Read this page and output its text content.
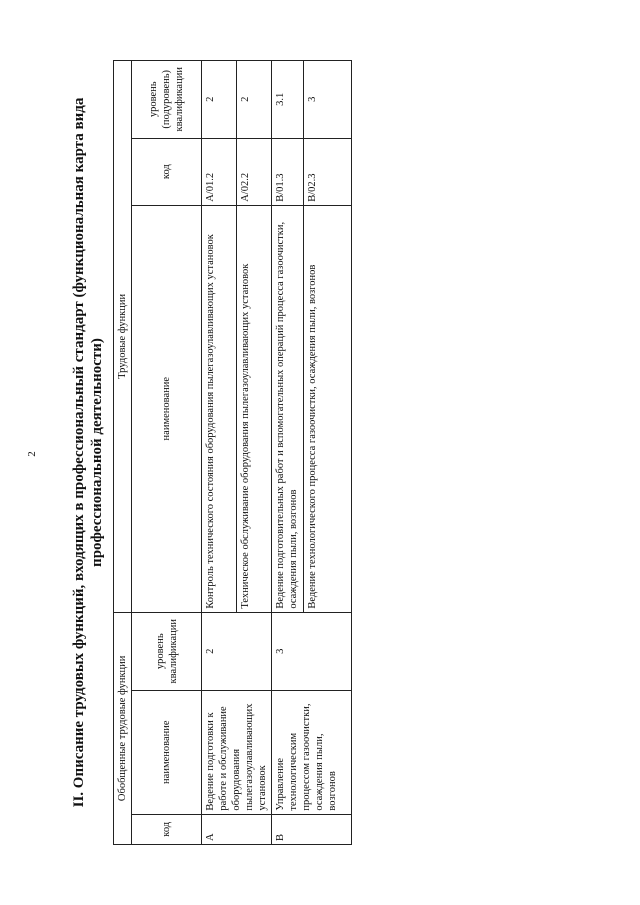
2 II. Описание трудовых функций, входящих в профессиональный стандарт (функциональная карта вида профессиональной деятельности)
Обобщенные трудовые функции			Трудовые функции		
код	наименование	уровень квалификации	наименование	код	уровень (подуровень) квалификации
А	Ведение подготовки к работе и обслуживание оборудования пылегазоулавливающих установок	2	Контроль технического состояния оборудования пылегазоулавливающих установок	А/01.2	2
			Техническое обслуживание оборудования пылегазоулавливающих установок	А/02.2	2
В	Управление технологическим процессом газоочистки, осаждения пыли, возгонов	3	Ведение подготовительных работ и вспомогательных операций процесса газоочистки, осаждения пыли, возгонов	В/01.3	3.1
			Ведение технологического процесса газоочистки, осаждения пыли, возгонов	В/02.3	3
